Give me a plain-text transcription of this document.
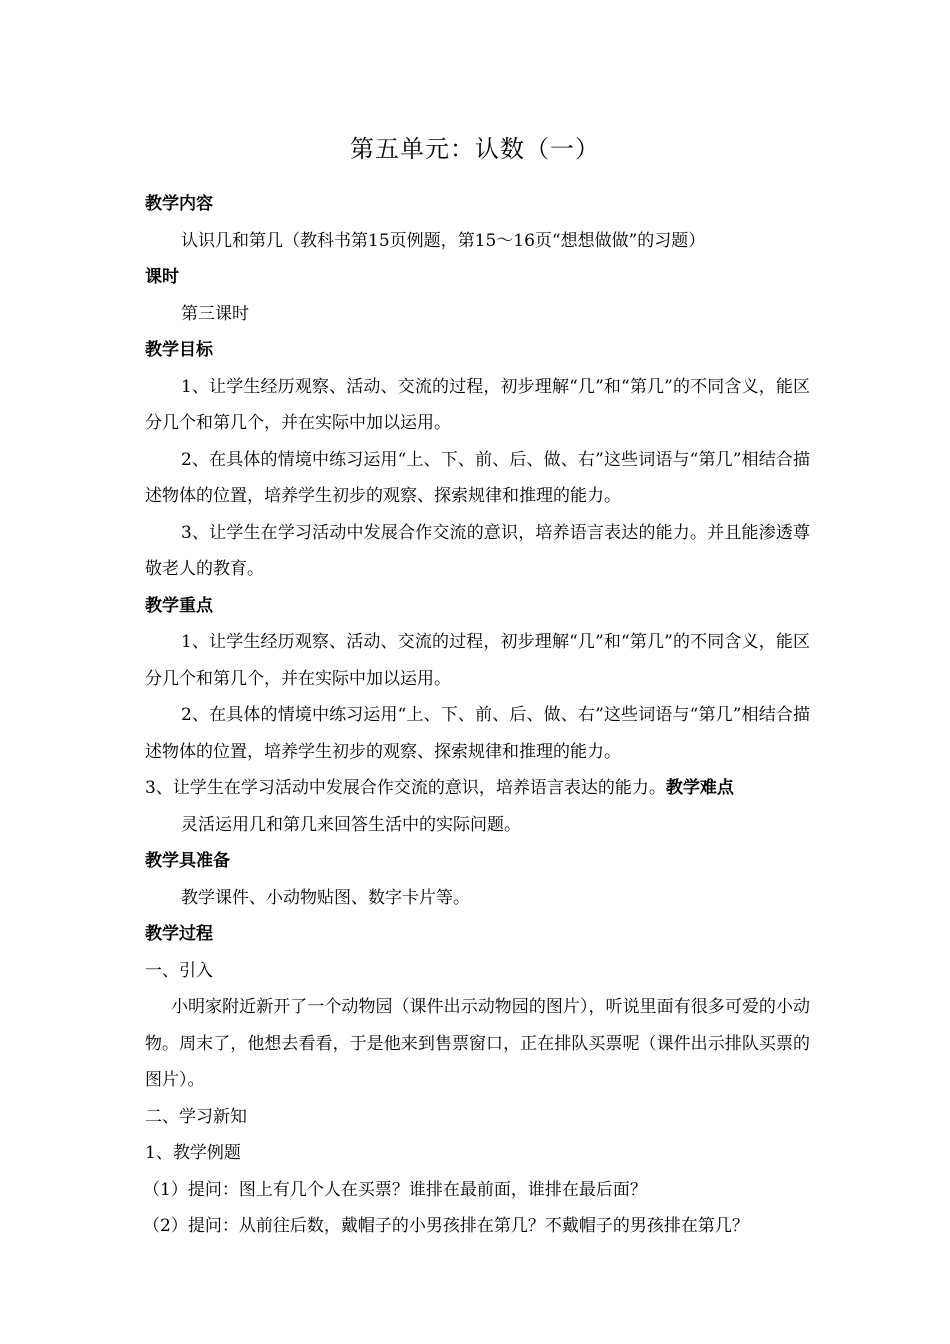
第五单元：认数（一）

教学内容

认识几和第几（教科书第15页例题，第15～16页“想想做做”的习题）

课时

第三课时

教学目标

1、让学生经历观察、活动、交流的过程，初步理解“几”和“第几”的不同含义，能区分几个和第几个，并在实际中加以运用。

2、在具体的情境中练习运用“上、下、前、后、做、右”这些词语与“第几”相结合描述物体的位置，培养学生初步的观察、探索规律和推理的能力。

3、让学生在学习活动中发展合作交流的意识，培养语言表达的能力。并且能渗透尊敬老人的教育。

教学重点

1、让学生经历观察、活动、交流的过程，初步理解“几”和“第几”的不同含义，能区分几个和第几个，并在实际中加以运用。

2、在具体的情境中练习运用“上、下、前、后、做、右”这些词语与“第几”相结合描述物体的位置，培养学生初步的观察、探索规律和推理的能力。

3、让学生在学习活动中发展合作交流的意识，培养语言表达的能力。教学难点

灵活运用几和第几来回答生活中的实际问题。

教学具准备

教学课件、小动物贴图、数字卡片等。

教学过程

一、引入

小明家附近新开了一个动物园（课件出示动物园的图片），听说里面有很多可爱的小动物。周末了，他想去看看，于是他来到售票窗口，正在排队买票呢（课件出示排队买票的图片）。

二、学习新知

1、教学例题

（1）提问：图上有几个人在买票？谁排在最前面，谁排在最后面？

（2）提问：从前往后数，戴帽子的小男孩排在第几？不戴帽子的男孩排在第几？
